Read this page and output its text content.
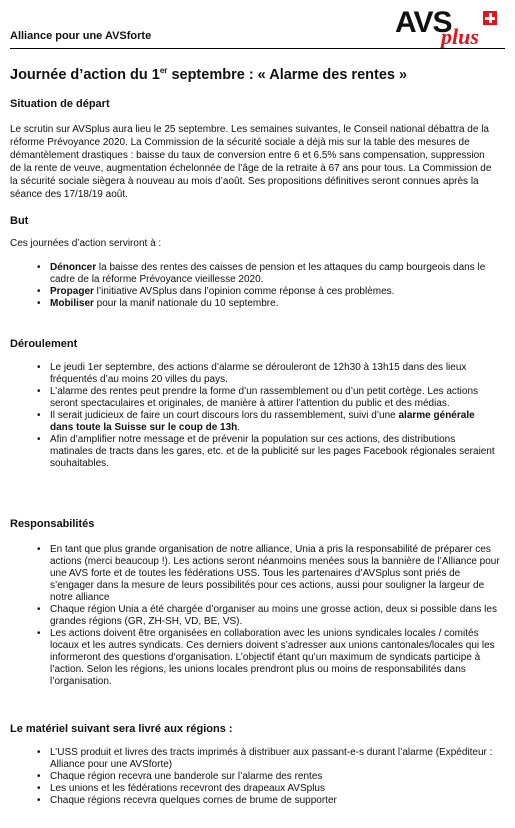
Alliance pour une AVSforte	AVS
plus
Journée d’action du 1er septembre : « Alarme des rentes »
Situation de départ

Le scrutin sur AVSplus aura lieu le 25 septembre. Les semaines suivantes, le Conseil national débattra de la réforme Prévoyance 2020. La Commission de la sécurité sociale a déjà mis sur la table des mesures de démantèlement drastiques : baisse du taux de conversion entre 6 et 6.5% sans compensation, suppression de la rente de veuve, augmentation échelonnée de l’âge de la retraite à 67 ans pour tous. La Commission de la sécurité sociale siègera à nouveau au mois d’août. Ses propositions définitives seront connues après la séance des 17/18/19 août.

But

Ces journées d’action serviront à :

• Dénoncer la baisse des rentes des caisses de pension et les attaques du camp bourgeois dans le cadre de la réforme Prévoyance vieillesse 2020.
• Propager l’initiative AVSplus dans l’opinion comme réponse à ces problèmes.
• Mobiliser pour la manif nationale du 10 septembre.
Déroulement
• Le jeudi 1er septembre, des actions d’alarme se dérouleront de 12h30 à 13h15 dans des lieux fréquentés d’au moins 20 villes du pays.
• L’alarme des rentes peut prendre la forme d’un rassemblement ou d’un petit cortège. Les actions seront spectaculaires et originales, de manière à attirer l’attention du public et des médias.
• Il serait judicieux de faire un court discours lors du rassemblement, suivi d’une alarme générale dans toute la Suisse sur le coup de 13h.
• Afin d’amplifier notre message et de prévenir la population sur ces actions, des distributions matinales de tracts dans les gares, etc. et de la publicité sur les pages Facebook régionales seraient souhaitables.
Responsabilités
• En tant que plus grande organisation de notre alliance, Unia a pris la responsabilité de préparer ces actions (merci beaucoup !). Les actions seront néanmoins menées sous la bannière de l’Alliance pour une AVS forte et de toutes les fédérations USS. Tous les partenaires d’AVSplus sont priés de s’engager dans la mesure de leurs possibilités pour ces actions, aussi pour souligner la largeur de notre alliance
• Chaque région Unia a été chargée d’organiser au moins une grosse action, deux si possible dans les grandes régions (GR, ZH-SH, VD, BE, VS).
• Les actions doivent être organisées en collaboration avec les unions syndicales locales / comités locaux et les autres syndicats. Ces derniers doivent s’adresser aux unions cantonales/locales qui les informeront des questions d’organisation. L’objectif étant qu’un maximum de syndicats participe à l’action. Selon les régions, les unions locales prendront plus ou moins de responsabilités dans l’organisation.
Le matériel suivant sera livré aux régions :
• L’USS produit et livres des tracts imprimés à distribuer aux passant-e-s durant l’alarme (Expéditeur : Alliance pour une AVSforte)
• Chaque région recevra une banderole sur l’alarme des rentes
• Les unions et les fédérations recevront des drapeaux AVSplus
• Chaque régions recevra quelques cornes de brume de supporter
